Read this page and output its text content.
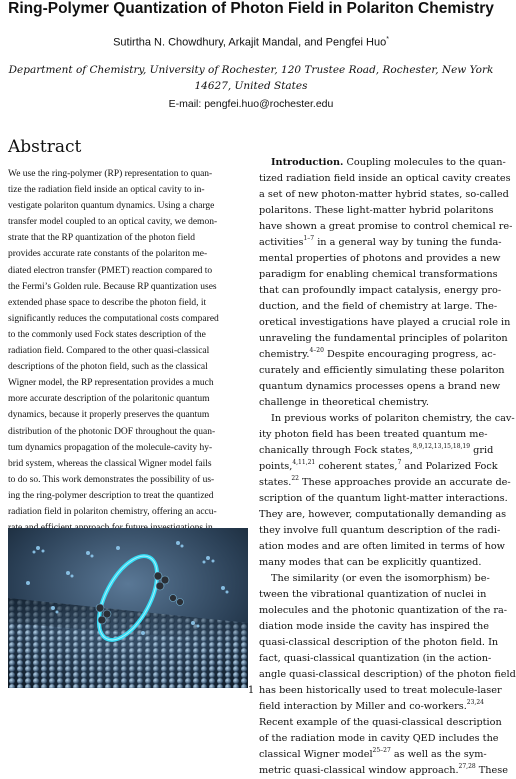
Ring-Polymer Quantization of Photon Field in Polariton Chemistry
Sutirtha N. Chowdhury, Arkajit Mandal, and Pengfei Huo*
Department of Chemistry, University of Rochester, 120 Trustee Road, Rochester, New York
14627, United States
E-mail: pengfei.huo@rochester.edu
Abstract

We use the ring-polymer (RP) representation to quan-
tize the radiation field inside an optical cavity to in-
vestigate polariton quantum dynamics. Using a charge
transfer model coupled to an optical cavity, we demon-
strate that the RP quantization of the photon field
provides accurate rate constants of the polariton me-
diated electron transfer (PMET) reaction compared to
the Fermi’s Golden rule. Because RP quantization uses
extended phase space to describe the photon field, it
significantly reduces the computational costs compared
to the commonly used Fock states description of the
radiation field. Compared to the other quasi-classical
descriptions of the photon field, such as the classical
Wigner model, the RP representation provides a much
more accurate description of the polaritonic quantum
dynamics, because it properly preserves the quantum
distribution of the photonic DOF throughout the quan-
tum dynamics propagation of the molecule-cavity hy-
brid system, whereas the classical Wigner model fails
to do so. This work demonstrates the possibility of us-
ing the ring-polymer description to treat the quantized
radiation field in polariton chemistry, offering an accu-

Introduction. Coupling molecules to the quan-
tized radiation field inside an optical cavity creates
a set of new photon-matter hybrid states, so-called
polaritons. These light-matter hybrid polaritons
have shown a great promise to control chemical re-
activities$^{1-7}$ in a general way by tuning the funda-
mental properties of photons and provides a new
paradigm for enabling chemical transformations
that can profoundly impact catalysis, energy pro-
duction, and the field of chemistry at large. The-
oretical investigations have played a crucial role in
unraveling the fundamental principles of polariton
chemistry.$^{4-20}$ Despite encouraging progress, ac-
curately and efficiently simulating these polariton
quantum dynamics processes opens a brand new
challenge in theoretical chemistry.
In previous works of polariton chemistry, the cav-
ity photon field has been treated quantum me-
chanically through Fock states,$^{8,9,12,13,15,18,19}$ grid
points,$^{4,11,21}$ coherent states,$^7$ and Polarized Fock
states.$^{22}$ These approaches provide an accurate de-
scription of the quantum light-matter interactions.
They are, however, computationally demanding as
they involve full quantum description of the radi-
ation modes and are often limited in terms of how
many modes that can be explicitly quantized.
The similarity (or even the isomorphism) be-
tween the vibrational quantization of nuclei in
molecules and the photonic quantization of the ra-
diation mode inside the cavity has inspired the
quasi-classical description of the photon field. In
fact, quasi-classical quantization (in the action-
angle quasi-classical description) of the photon field
has been historically used to treat molecule-laser
field interaction by Miller and co-workers.$^{23,24}$
Recent example of the quasi-classical description
of the radiation mode in cavity QED includes the
classical Wigner model$^{25-27}$ as well as the sym-
metric quasi-classical window approach.$^{27,28}$ These
1
